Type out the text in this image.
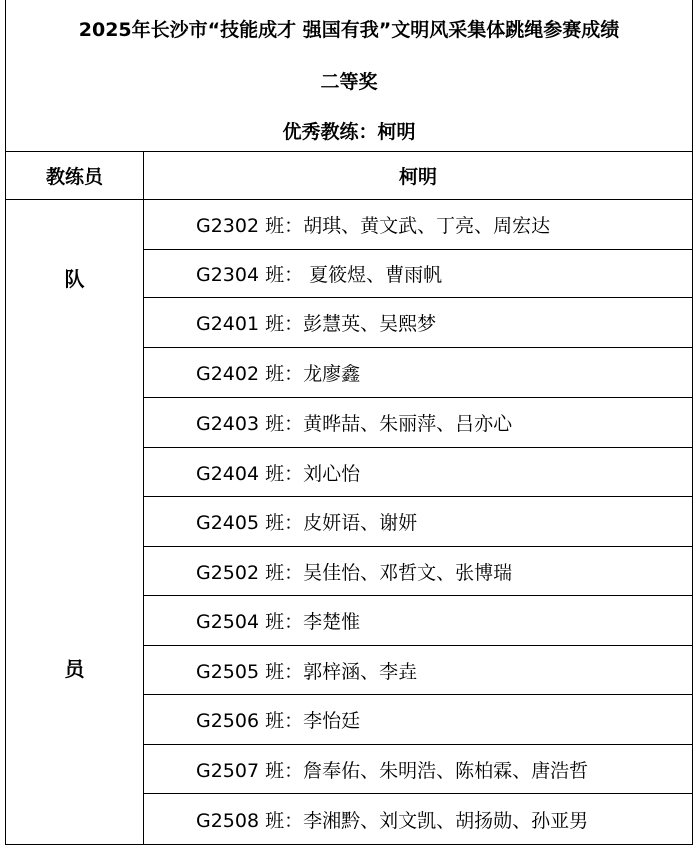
2025年长沙市“技能成才 强国有我”文明风采集体跳绳参赛成绩
二等奖
优秀教练：柯明
教练员	柯明
队
员
G2302 班：胡琪、黄文武、丁亮、周宏达
G2304 班： 夏筱煜、曹雨帆
G2401 班：彭慧英、吴熙梦
G2402 班：龙廖鑫
G2403 班：黄晔喆、朱丽萍、吕亦心
G2404 班：刘心怡
G2405 班：皮妍语、谢妍
G2502 班：吴佳怡、邓哲文、张博瑞
G2504 班：李楚惟
G2505 班：郭梓涵、李垚
G2506 班：李怡廷
G2507 班：詹奉佑、朱明浩、陈柏霖、唐浩哲
G2508 班：李湘黔、刘文凯、胡扬勋、孙亚男
